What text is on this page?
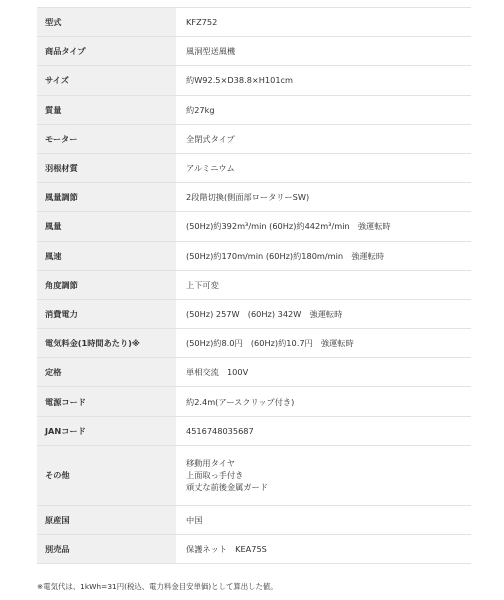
型式	KFZ752

商品タイプ	風洞型送風機

サイズ	約W92.5×D38.8×H101cm

質量	約27kg

モーター	全閉式タイプ

羽根材質	アルミニウム

風量調節	2段階切換(側面部ロータリーSW)

風量	(50Hz)約392m³/min (60Hz)約442m³/min　強運転時

風速	(50Hz)約170m/min (60Hz)約180m/min　強運転時

角度調節	上下可変

消費電力	(50Hz) 257W　(60Hz) 342W　強運転時

電気料金(1時間あたり)※	(50Hz)約8.0円　(60Hz)約10.7円　強運転時

定格	単相交流　100V

電源コード	約2.4m(アースクリップ付き)

JANコード	4516748035687

その他	移動用タイヤ
上面取っ手付き
頑丈な前後金属ガード

原産国	中国

別売品	保護ネット　KEA75S
※電気代は、1kWh=31円(税込、電力料金目安単価)として算出した値。
